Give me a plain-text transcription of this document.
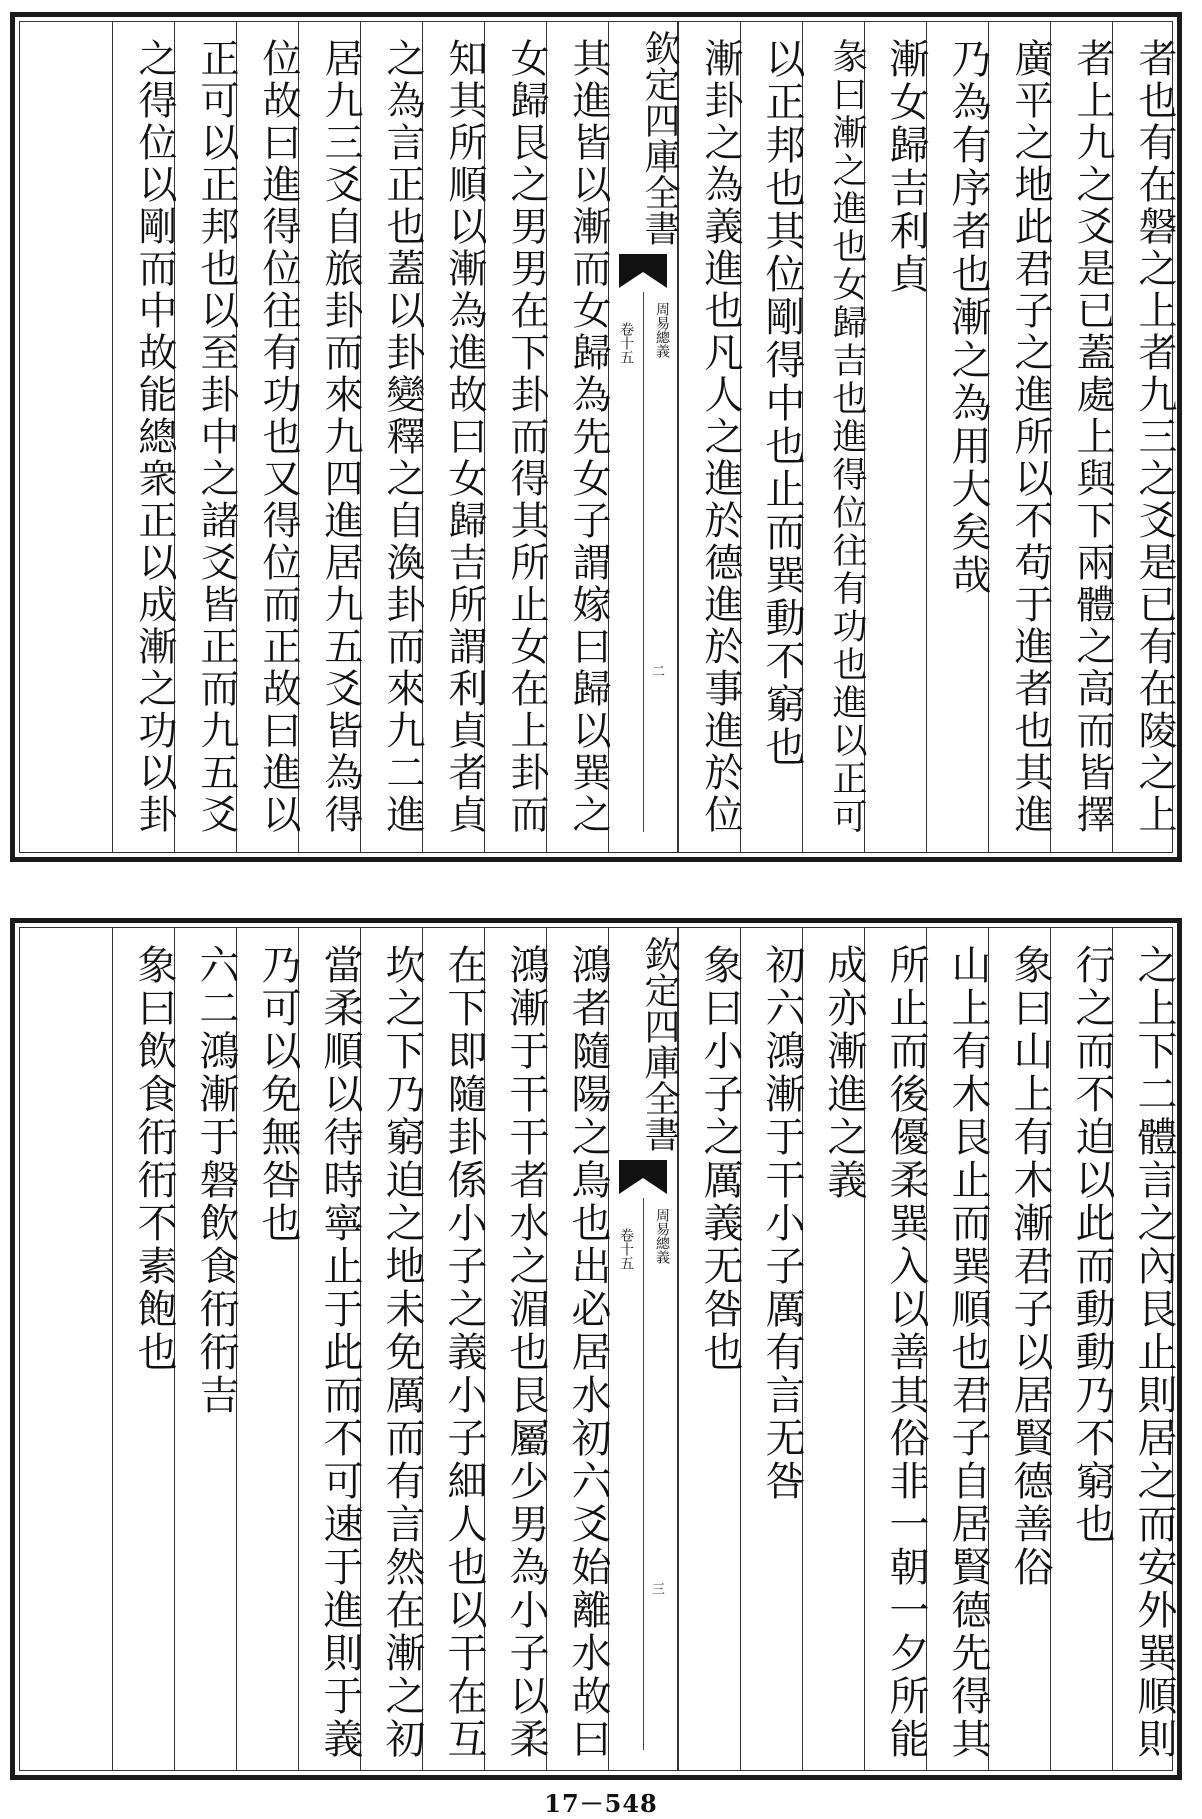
者也有在磐之上者九三之爻是已有在陵之上
者上九之爻是已蓋處上與下兩體之高而皆擇
廣平之地此君子之進所以不苟于進者也其進
乃為有序者也漸之為用大矣哉
漸女歸吉利貞
彖曰漸之進也女歸吉也進得位往有功也進以正可
以正邦也其位剛得中也止而巽動不窮也
漸卦之為義進也凡人之進於德進於事進於位
欽定四庫全書
周易總義
卷十五
二
其進皆以漸而女歸為先女子謂嫁曰歸以巽之
女歸艮之男男在下卦而得其所止女在上卦而
知其所順以漸為進故曰女歸吉所謂利貞者貞
之為言正也蓋以卦變釋之自渙卦而來九二進
居九三爻自旅卦而來九四進居九五爻皆為得
位故曰進得位往有功也又得位而正故曰進以
正可以正邦也以至卦中之諸爻皆正而九五爻
之得位以剛而中故能總衆正以成漸之功以卦
之上下二體言之內艮止則居之而安外巽順則
行之而不迫以此而動動乃不窮也
象曰山上有木漸君子以居賢德善俗
山上有木艮止而巽順也君子自居賢德先得其
所止而後優柔巽入以善其俗非一朝一夕所能
成亦漸進之義
初六鴻漸于干小子厲有言无咎
象曰小子之厲義无咎也
欽定四庫全書
周易總義
卷十五
三
鴻者隨陽之鳥也出必居水初六爻始離水故曰
鴻漸于干干者水之湄也艮屬少男為小子以柔
在下即隨卦係小子之義小子細人也以干在互
坎之下乃窮迫之地未免厲而有言然在漸之初
當柔順以待時寧止于此而不可速于進則于義
乃可以免無咎也
六二鴻漸于磐飲食衎衎吉
象曰飲食衎衎不素飽也
17－548
